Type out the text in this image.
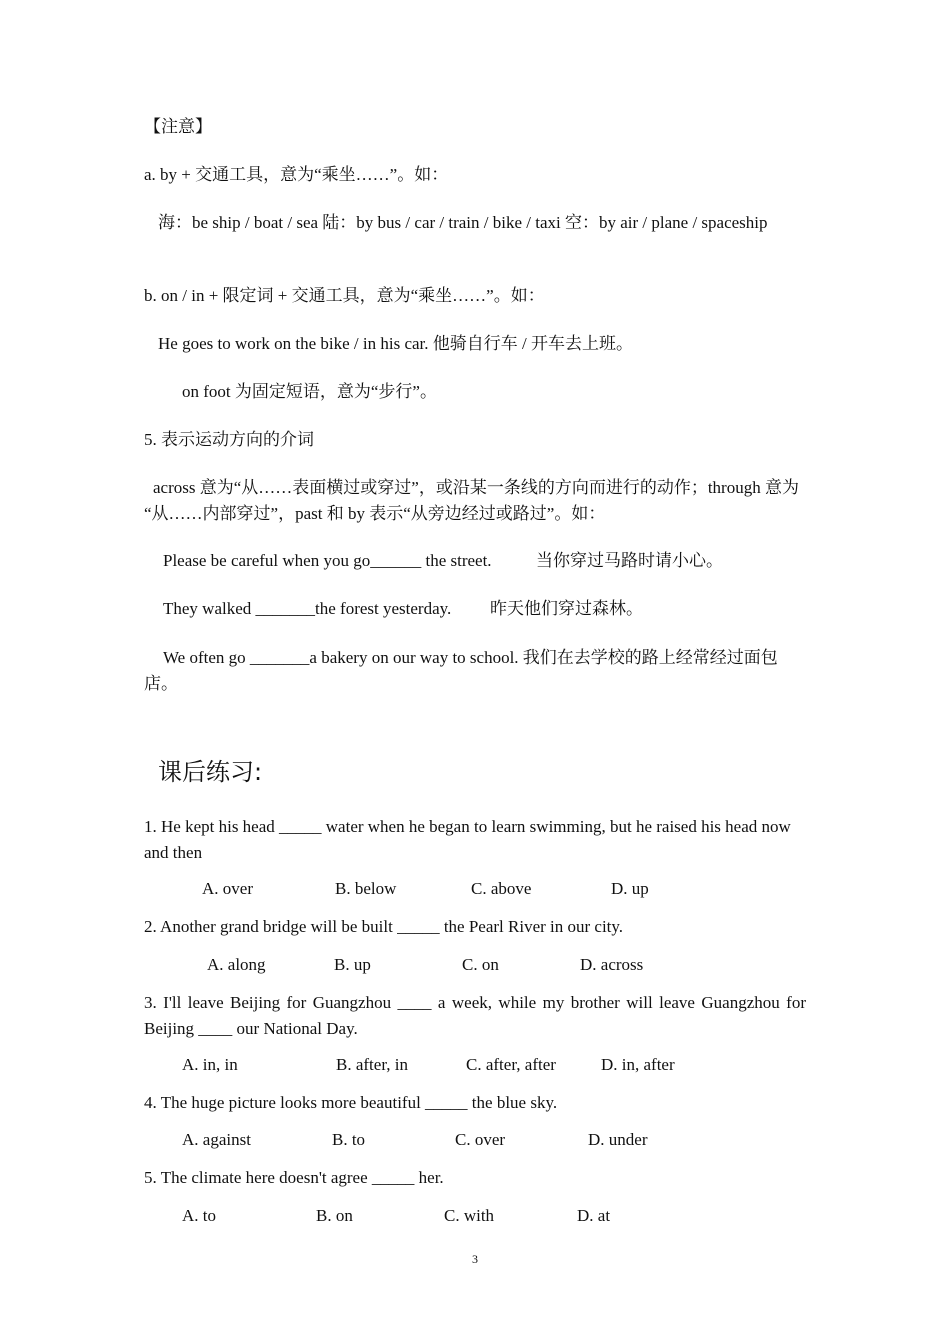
【注意】
a. by + 交通工具，意为“乘坐……”。如：
海：be ship / boat / sea 陆：by bus / car / train / bike / taxi 空：by air / plane / spaceship
b. on / in + 限定词 + 交通工具，意为“乘坐……”。如：
He goes to work on the bike / in his car. 他骑自行车 / 开车去上班。
on foot 为固定短语，意为“步行”。
5. 表示运动方向的介词
across 意为“从……表面横过或穿过”，或沿某一条线的方向而进行的动作；through 意为 “从……内部穿过”，past 和 by 表示“从旁边经过或路过”。如：
Please be careful when you go______ the street.	当你穿过马路时请小心。
They walked _______the forest yesterday. 昨天他们穿过森林。
We often go _______a bakery on our way to school. 我们在去学校的路上经常经过面包店。
课后练习:
1. He kept his head _____ water when he began to learn swimming, but he raised his head now and then
A. over	B. below	C. above	D. up
2. Another grand bridge will be built _____ the Pearl River in our city.
A. along	B. up	C. on	D. across
3. I'll leave Beijing for Guangzhou ____ a week, while my brother will leave Guangzhou for Beijing ____ our National Day.
A. in, in	B. after, in	C. after, after	D. in, after
4. The huge picture looks more beautiful _____ the blue sky.
A. against	B. to	C. over	D. under
5. The climate here doesn't agree _____ her.
A. to	B. on	C. with	D. at
3
